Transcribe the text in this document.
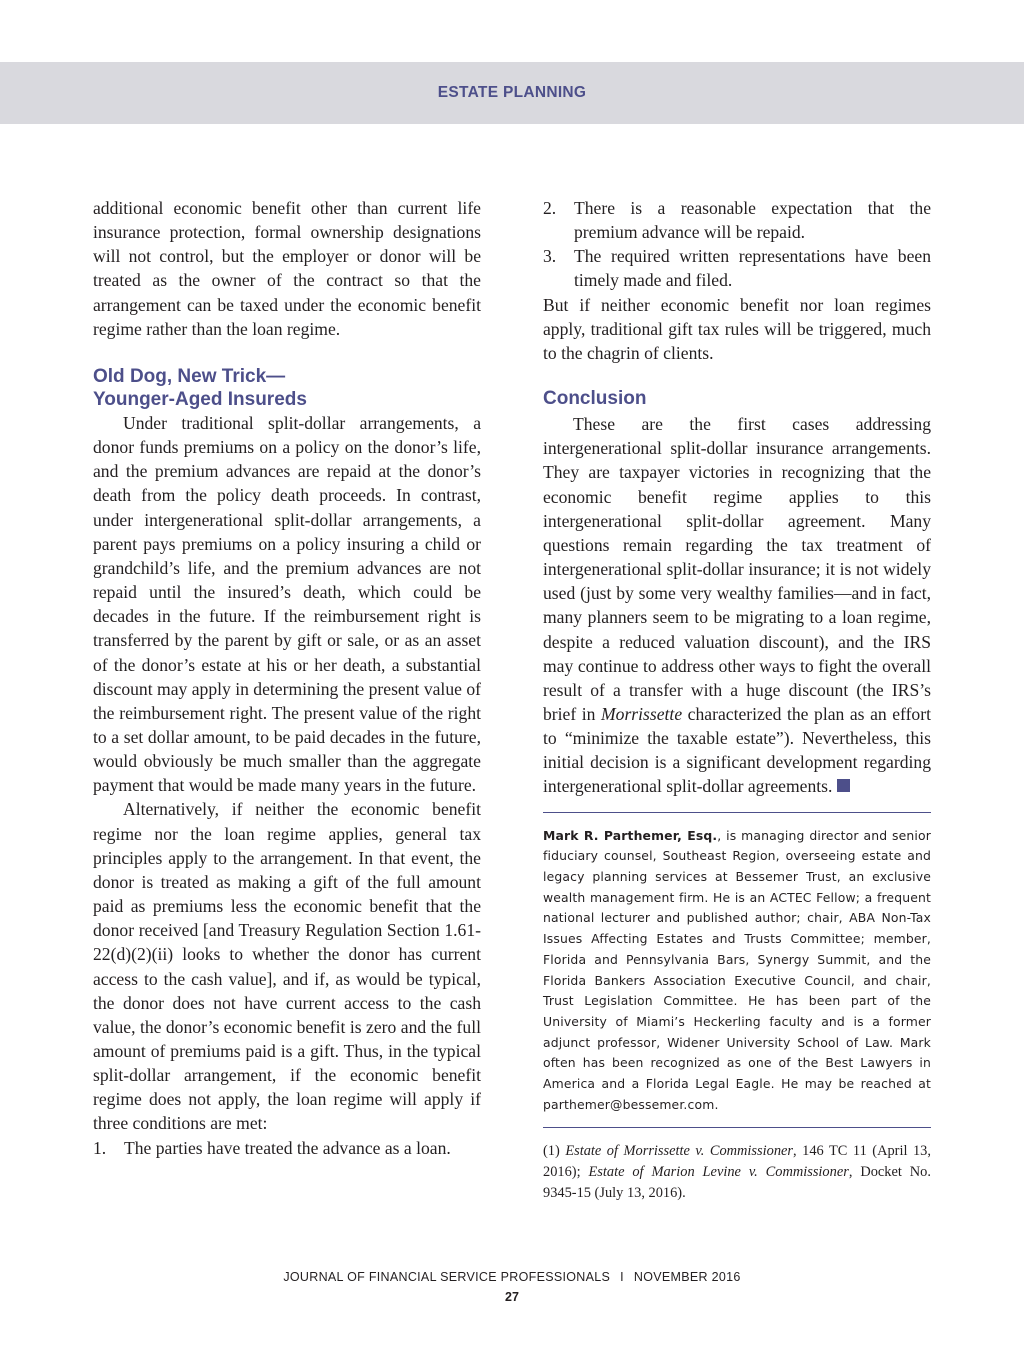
ESTATE PLANNING

additional economic benefit other than current life insurance protection, formal ownership designations will not control, but the employer or donor will be treated as the owner of the contract so that the arrangement can be taxed under the economic benefit regime rather than the loan regime.

Old Dog, New Trick—
Younger-Aged Insureds

Under traditional split-dollar arrangements, a donor funds premiums on a policy on the donor’s life, and the premium advances are repaid at the donor’s death from the policy death proceeds. In contrast, under intergenerational split-dollar arrangements, a parent pays premiums on a policy insuring a child or grandchild’s life, and the premium advances are not repaid until the insured’s death, which could be decades in the future. If the reimbursement right is transferred by the parent by gift or sale, or as an asset of the donor’s estate at his or her death, a substantial discount may apply in determining the present value of the reimbursement right. The present value of the right to a set dollar amount, to be paid decades in the future, would obviously be much smaller than the aggregate payment that would be made many years in the future.

Alternatively, if neither the economic benefit regime nor the loan regime applies, general tax principles apply to the arrangement. In that event, the donor is treated as making a gift of the full amount paid as premiums less the economic benefit that the donor received [and Treasury Regulation Section 1.61-22(d)(2)(ii) looks to whether the donor has current access to the cash value], and if, as would be typical, the donor does not have current access to the cash value, the donor’s economic benefit is zero and the full amount of premiums paid is a gift. Thus, in the typical split-dollar arrangement, if the economic benefit regime does not apply, the loan regime will apply if three conditions are met:

1.	The parties have treated the advance as a loan.
2.	There is a reasonable expectation that the premium advance will be repaid.
3.	The required written representations have been timely made and filed.

But if neither economic benefit nor loan regimes apply, traditional gift tax rules will be triggered, much to the chagrin of clients.

Conclusion

These are the first cases addressing intergenerational split-dollar insurance arrangements. They are taxpayer victories in recognizing that the economic benefit regime applies to this intergenerational split-dollar agreement. Many questions remain regarding the tax treatment of intergenerational split-dollar insurance; it is not widely used (just by some very wealthy families—and in fact, many planners seem to be migrating to a loan regime, despite a reduced valuation discount), and the IRS may continue to address other ways to fight the overall result of a transfer with a huge discount (the IRS’s brief in Morrissette characterized the plan as an effort to “minimize the taxable estate”). Nevertheless, this initial decision is a significant development regarding intergenerational split-dollar agreements.

Mark R. Parthemer, Esq., is managing director and senior fiduciary counsel, Southeast Region, overseeing estate and legacy planning services at Bessemer Trust, an exclusive wealth management firm. He is an ACTEC Fellow; a frequent national lecturer and published author; chair, ABA Non-Tax Issues Affecting Estates and Trusts Committee; member, Florida and Pennsylvania Bars, Synergy Summit, and the Florida Bankers Association Executive Council, and chair, Trust Legislation Committee. He has been part of the University of Miami’s Heckerling faculty and is a former adjunct professor, Widener University School of Law. Mark often has been recognized as one of the Best Lawyers in America and a Florida Legal Eagle. He may be reached at parthemer@bessemer.com.
(1) Estate of Morrissette v. Commissioner, 146 TC 11 (April 13, 2016); Estate of Marion Levine v. Commissioner, Docket No. 9345-15 (July 13, 2016).
JOURNAL OF FINANCIAL SERVICE PROFESSIONALS I NOVEMBER 2016
27
